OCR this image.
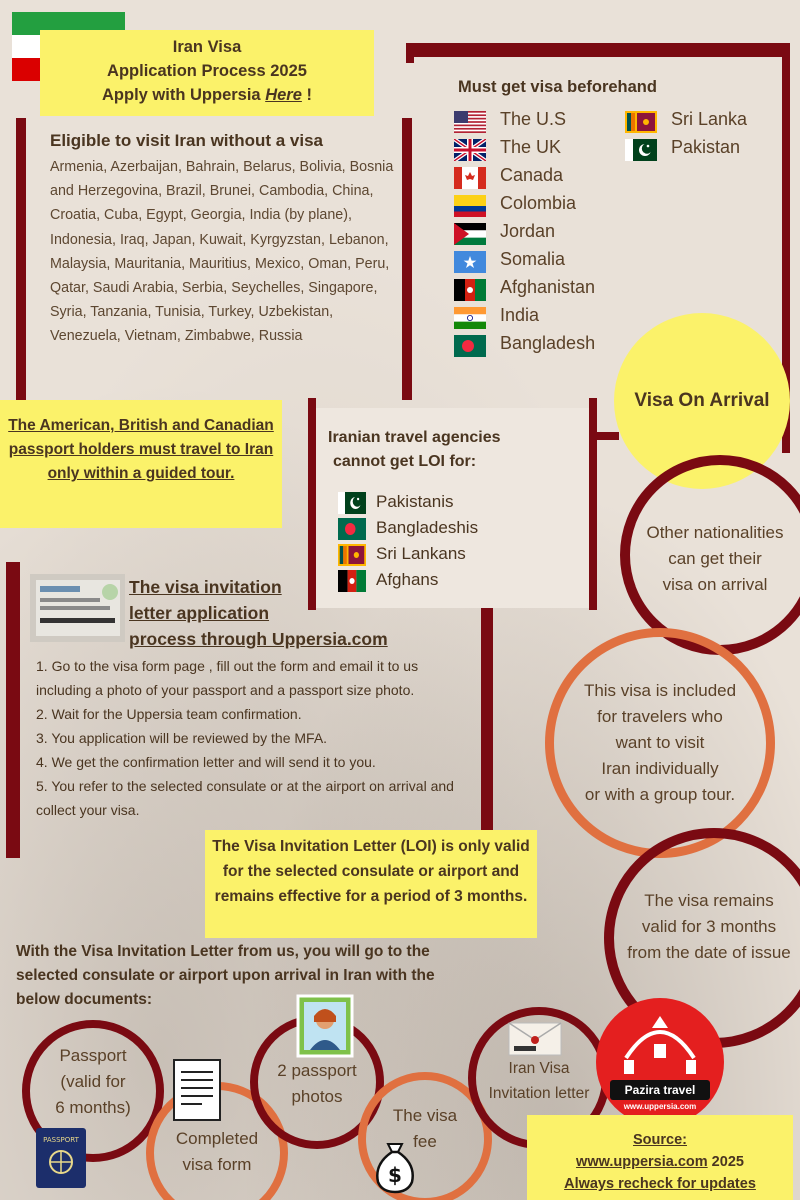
Iran Visa
Application Process 2025
Apply with Uppersia Here !
Eligible to visit Iran without a visa

Armenia, Azerbaijan, Bahrain, Belarus, Bolivia, Bosnia and Herzegovina, Brazil, Brunei, Cambodia, China, Croatia, Cuba, Egypt, Georgia, India (by plane), Indonesia, Iraq, Japan, Kuwait, Kyrgyzstan, Lebanon, Malaysia, Mauritania, Mauritius, Mexico, Oman, Peru, Qatar, Saudi Arabia, Serbia, Seychelles, Singapore, Syria, Tanzania, Tunisia, Turkey, Uzbekistan, Venezuela, Vietnam, Zimbabwe, Russia

Must get visa beforehand
The U.S
The UK
Canada
Colombia
Jordan
Somalia
Afghanistan
India
Bangladesh
Sri Lanka
Pakistan
Visa On Arrival
The American, British and Canadian passport holders must travel to Iran only within a guided tour.
Iranian travel agencies
cannot get LOI for:
Pakistanis
Bangladeshis
Sri Lankans
Afghans
The visa invitation
letter application
process through Uppersia.com
1. Go to the visa form page , fill out the form and email it to us including a photo of your passport and a passport size photo.
2. Wait for the Uppersia team confirmation.
3. You application will be reviewed by the MFA.
4. We get the confirmation letter and will send it to you.
5. You refer to the selected consulate or at the airport on arrival and collect your visa.
Other nationalities
can get their
visa on arrival
This visa is included
for travelers who
want to visit
Iran individually
or with a group tour.
The visa remains
valid for 3 months
from the date of issue
The Visa Invitation Letter (LOI) is only valid for the selected consulate or airport and remains effective for a period of 3 months.
With the Visa Invitation Letter from us, you will go to the selected consulate or airport upon arrival in Iran with the below documents:
Passport
(valid for
6 months)
Completed
visa form
2 passport
photos
The visa
fee
Iran Visa
Invitation letter
PASSPORT
$
Pazira travel
www.uppersia.com
Source:
www.uppersia.com 2025
Always recheck for updates
